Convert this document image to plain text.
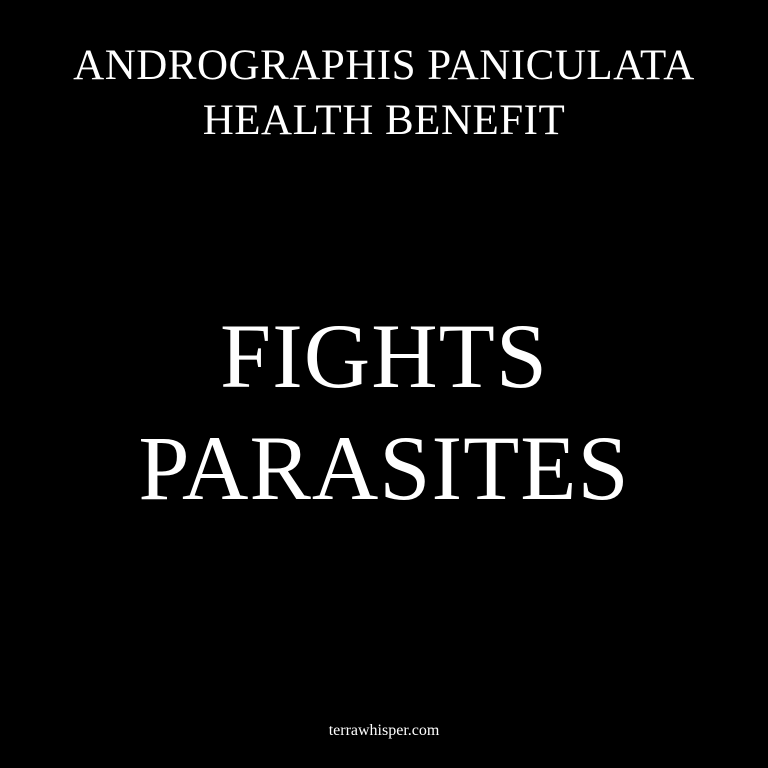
ANDROGRAPHIS PANICULATA
HEALTH BENEFIT
FIGHTS
PARASITES
terrawhisper.com
